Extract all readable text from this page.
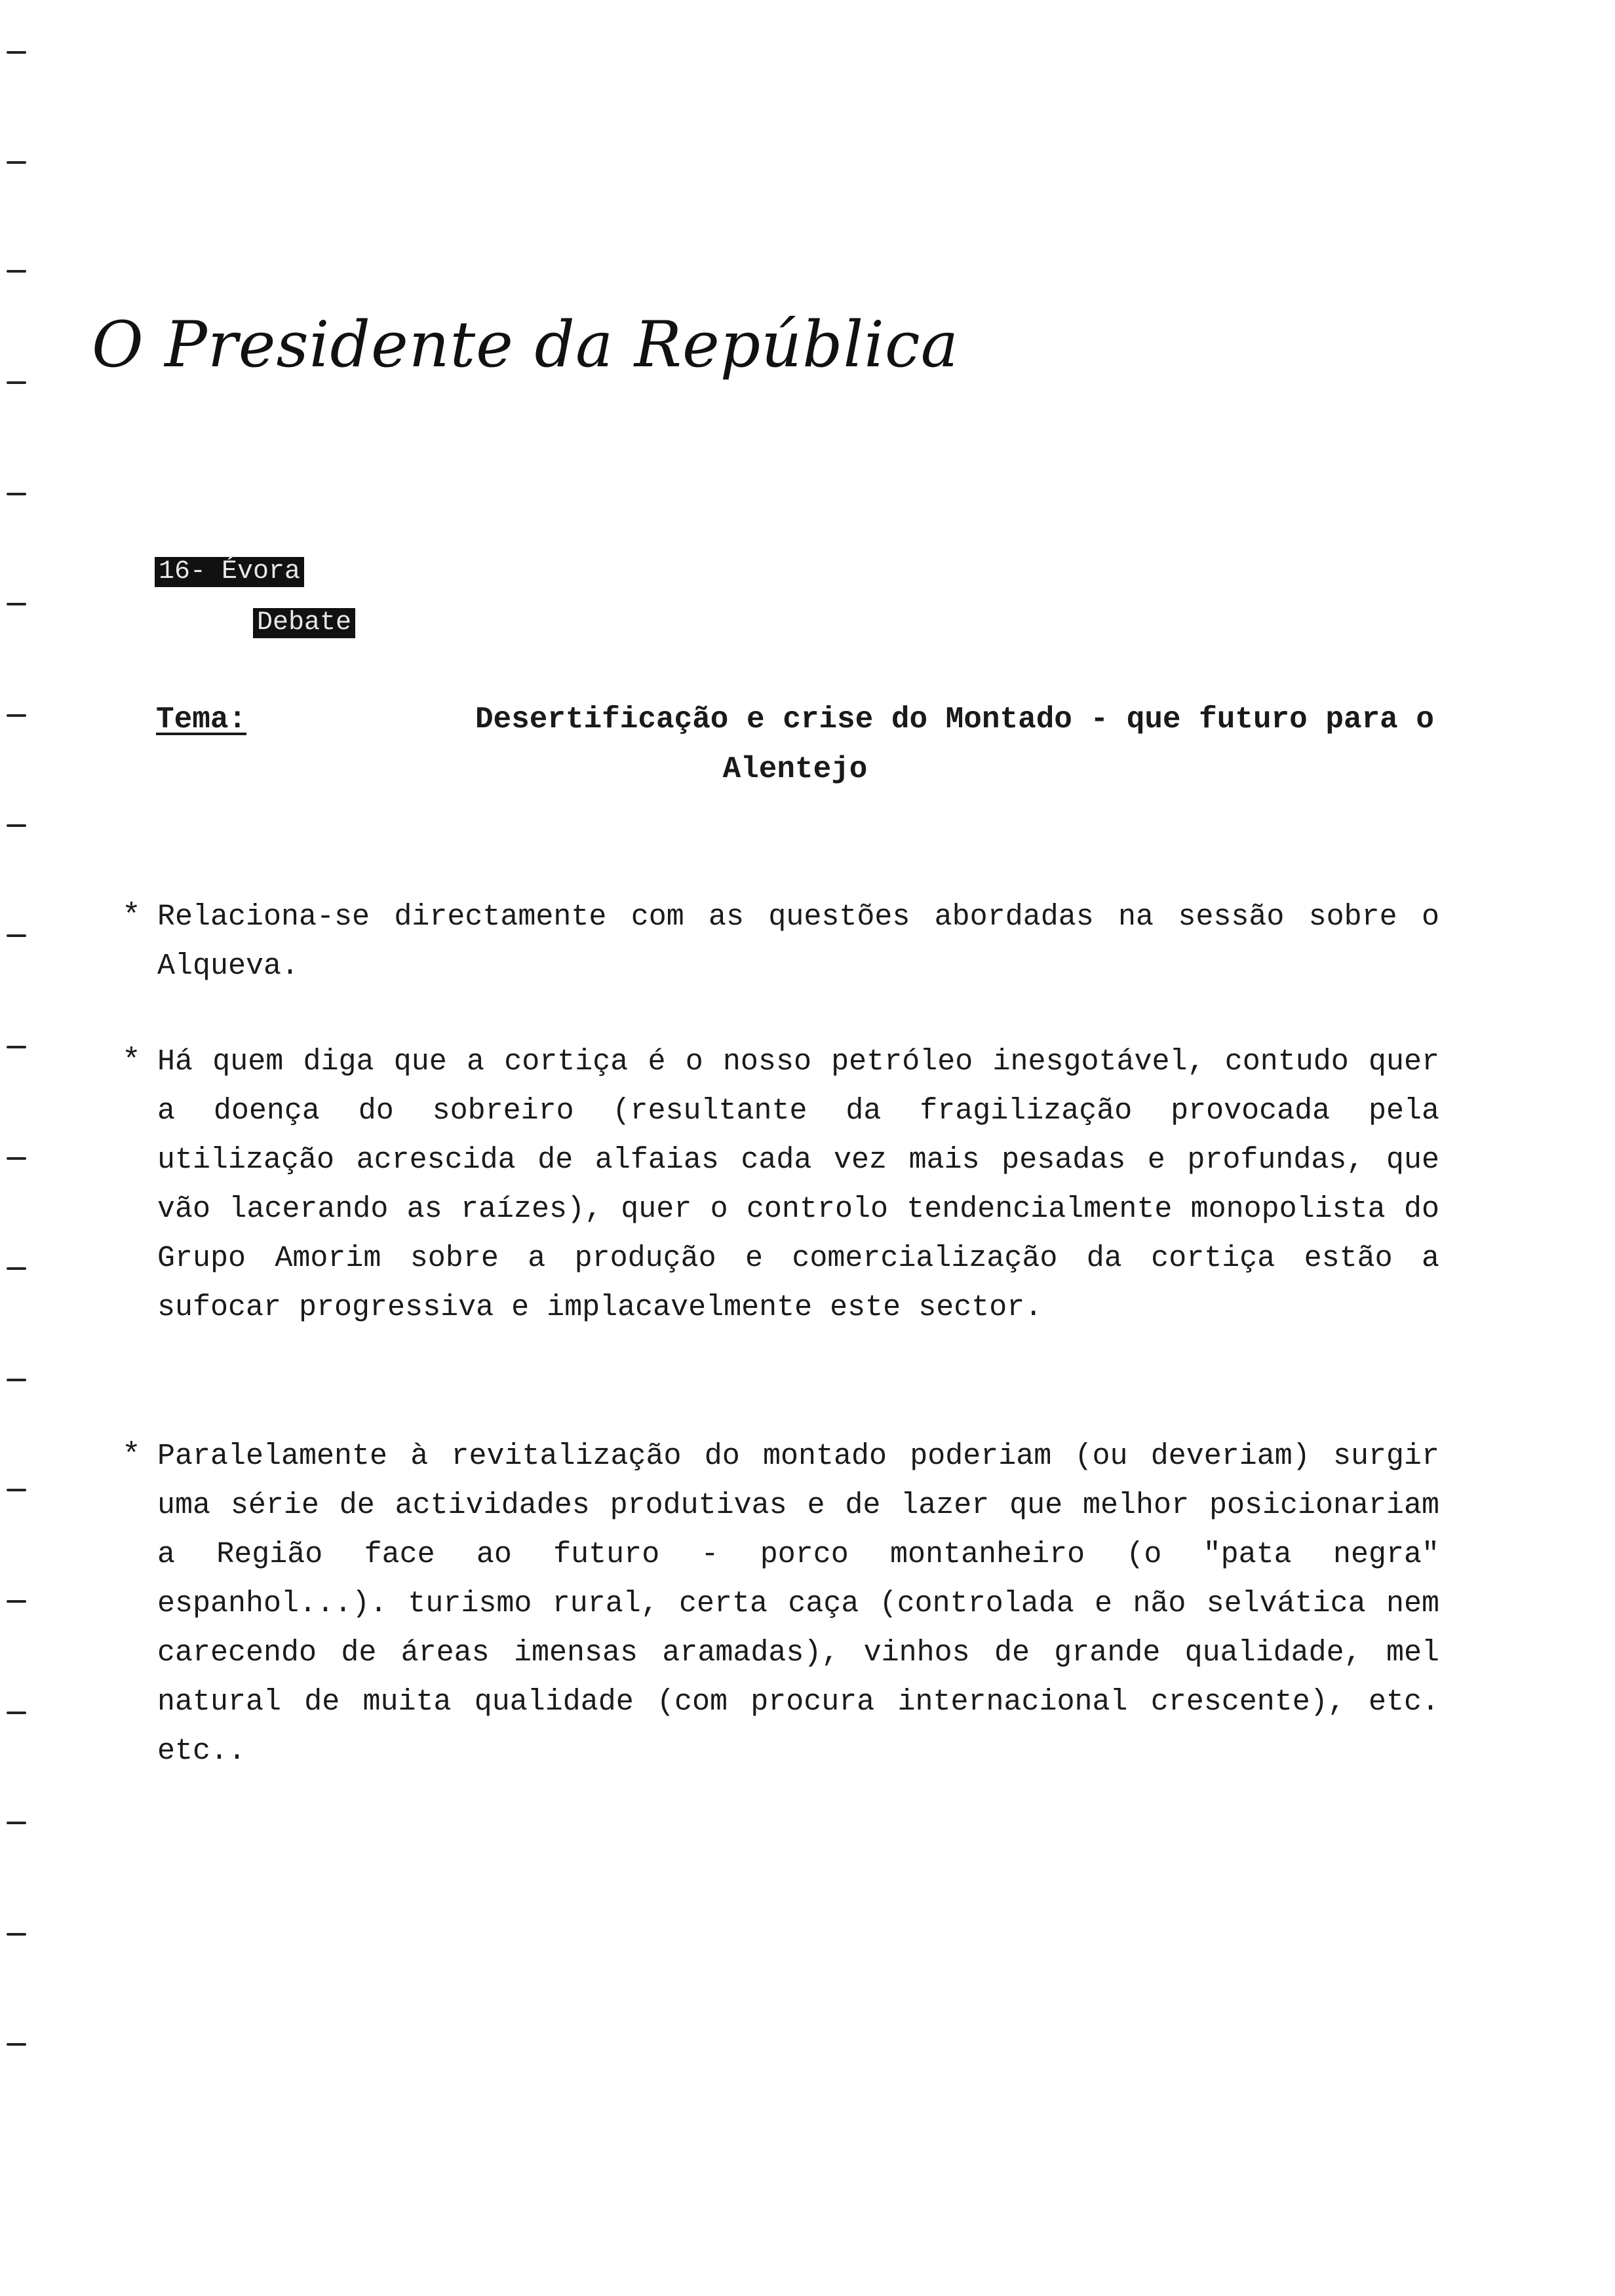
O Presidente da República
16- Évora
Debate
Tema:	Desertificação e crise do Montado - que futuro para o
Alentejo
* Relaciona-se directamente com as questões abordadas na sessão sobre o Alqueva.
* Há quem diga que a cortiça é o nosso petróleo inesgotável, contudo quer a doença do sobreiro (resultante da fragilização provocada pela utilização acrescida de alfaias cada vez mais pesadas e profundas, que vão lacerando as raízes), quer o controlo tendencialmente monopolista do Grupo Amorim sobre a produção e comercialização da cortiça estão a sufocar progressiva e implacavelmente este sector.
* Paralelamente à revitalização do montado poderiam (ou deveriam) surgir uma série de actividades produtivas e de lazer que melhor posicionariam a Região face ao futuro - porco montanheiro (o "pata negra" espanhol...). turismo rural, certa caça (controlada e não selvática nem carecendo de áreas imensas aramadas), vinhos de grande qualidade, mel natural de muita qualidade (com procura internacional crescente), etc. etc..
